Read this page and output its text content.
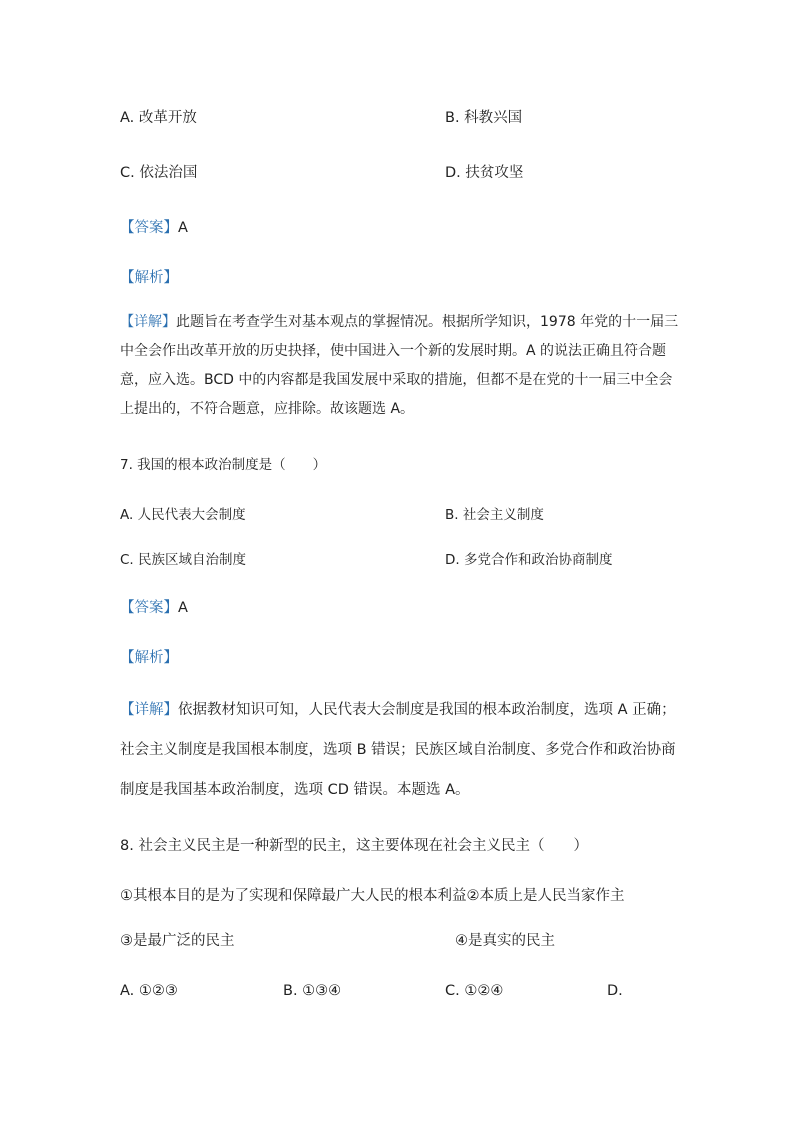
A. 改革开放	B. 科教兴国
C. 依法治国	D. 扶贫攻坚
【答案】A
【解析】
【详解】此题旨在考查学生对基本观点的掌握情况。根据所学知识，1978 年党的十一届三中全会作出改革开放的历史抉择，使中国进入一个新的发展时期。A 的说法正确且符合题意，应入选。BCD 中的内容都是我国发展中采取的措施，但都不是在党的十一届三中全会上提出的，不符合题意，应排除。故该题选 A。
7. 我国的根本政治制度是（　　）
A. 人民代表大会制度	B. 社会主义制度
C. 民族区域自治制度	D. 多党合作和政治协商制度
【答案】A
【解析】
【详解】依据教材知识可知，人民代表大会制度是我国的根本政治制度，选项 A 正确；社会主义制度是我国根本制度，选项 B 错误；民族区域自治制度、多党合作和政治协商制度是我国基本政治制度，选项 CD 错误。本题选 A。
8. 社会主义民主是一种新型的民主，这主要体现在社会主义民主（　　）
①其根本目的是为了实现和保障最广大人民的根本利益②本质上是人民当家作主
③是最广泛的民主	④是真实的民主
A. ①②③	B. ①③④	C. ①②④	D.
